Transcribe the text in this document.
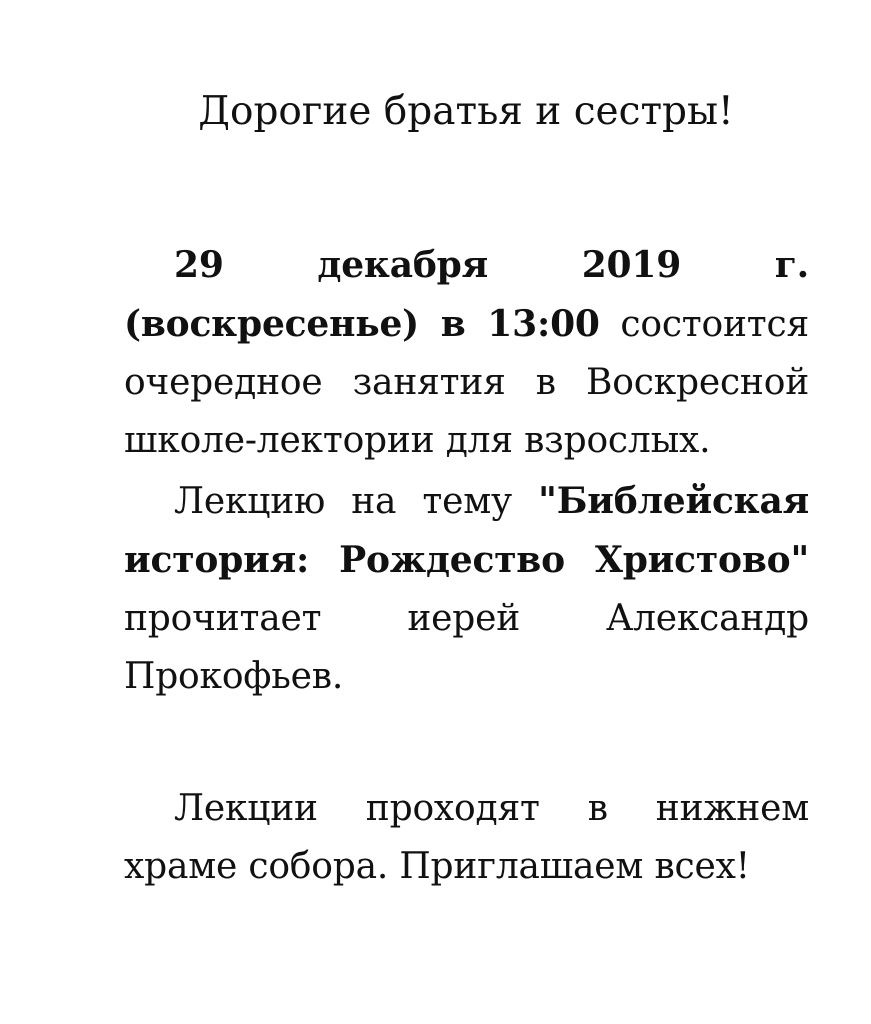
Дорогие братья и сестры!

29 декабря 2019 г. (воскресенье) в 13:00 состоится очередное занятия в Воскресной школе-лектории для взрослых.

Лекцию на тему "Библейская история: Рождество Христово" прочитает иерей Александр Прокофьев.

Лекции проходят в нижнем храме собора. Приглашаем всех!
